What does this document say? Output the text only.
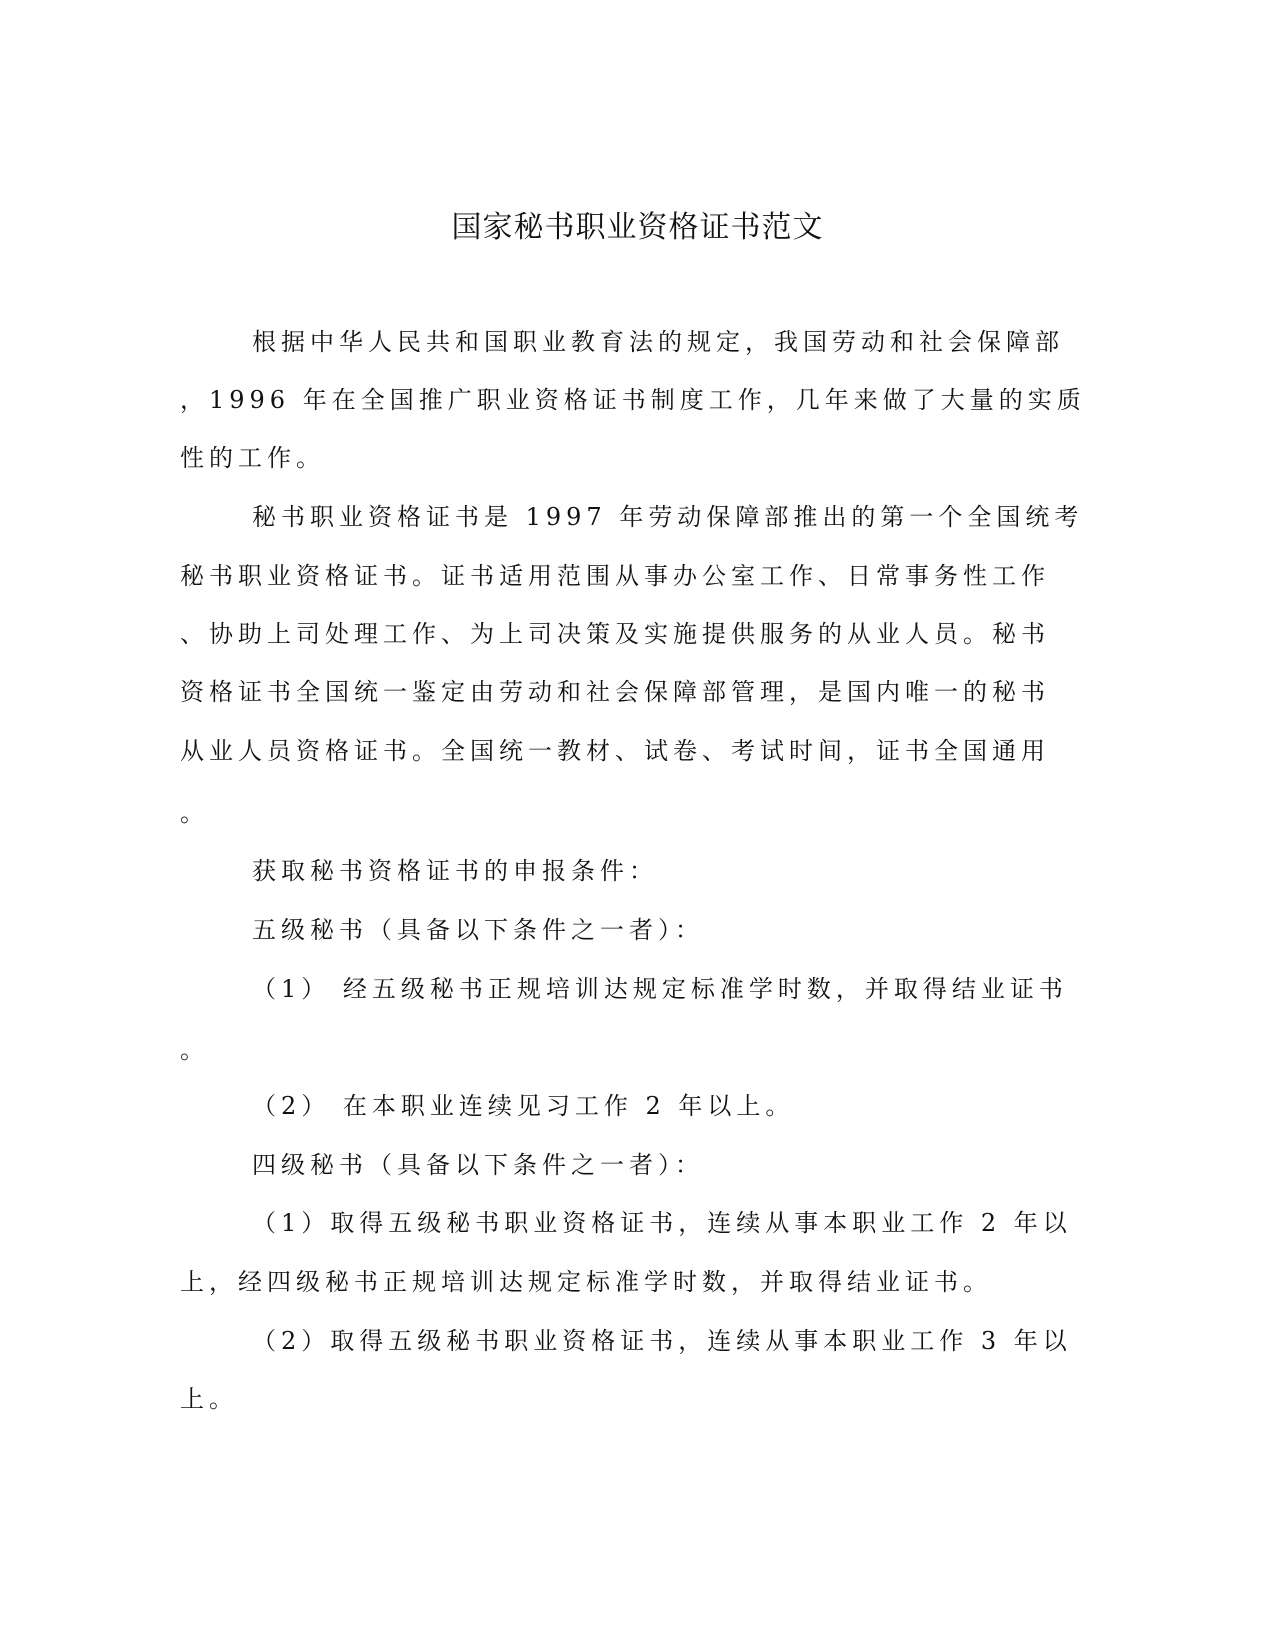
国家秘书职业资格证书范文
根据中华人民共和国职业教育法的规定，我国劳动和社会保障部
，1996 年在全国推广职业资格证书制度工作，几年来做了大量的实质
性的工作。
秘书职业资格证书是 1997 年劳动保障部推出的第一个全国统考
秘书职业资格证书。证书适用范围从事办公室工作、日常事务性工作
、协助上司处理工作、为上司决策及实施提供服务的从业人员。秘书
资格证书全国统一鉴定由劳动和社会保障部管理，是国内唯一的秘书
从业人员资格证书。全国统一教材、试卷、考试时间，证书全国通用
。
获取秘书资格证书的申报条件：
五级秘书（具备以下条件之一者）：
（1） 经五级秘书正规培训达规定标准学时数，并取得结业证书
。
（2） 在本职业连续见习工作 2 年以上。
四级秘书（具备以下条件之一者）：
（1）取得五级秘书职业资格证书，连续从事本职业工作 2 年以
上，经四级秘书正规培训达规定标准学时数，并取得结业证书。
（2）取得五级秘书职业资格证书，连续从事本职业工作 3 年以
上。
